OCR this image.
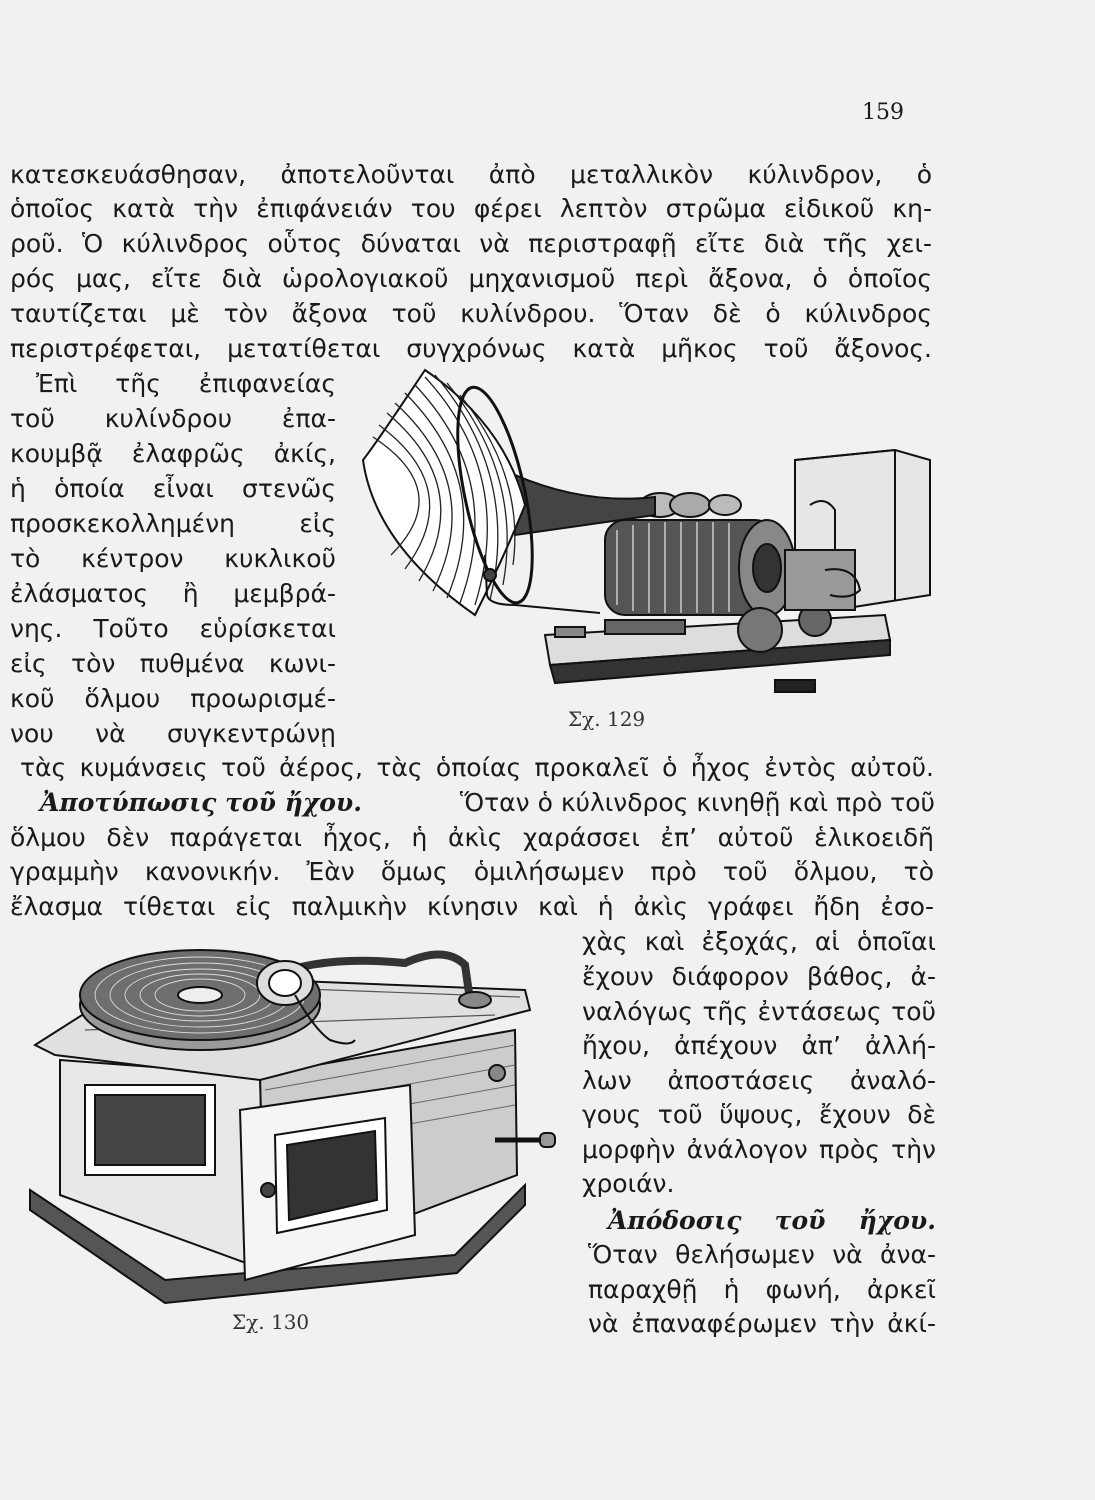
159
κατεσκευάσθησαν, ἀποτελοῦνται ἀπὸ μεταλλικὸν κύλινδρον, ὁ
ὁποῖος κατὰ τὴν ἐπιφάνειάν του φέρει λεπτὸν στρῶμα εἰδικοῦ κη-
ροῦ. Ὁ κύλινδρος οὗτος δύναται νὰ περιστραφῇ εἴτε διὰ τῆς χει-
ρός μας, εἴτε διὰ ὡρολογιακοῦ μηχανισμοῦ περὶ ἄξονα, ὁ ὁποῖος
ταυτίζεται μὲ τὸν ἄξονα τοῦ κυλίνδρου. Ὅταν δὲ ὁ κύλινδρος
περιστρέφεται, μετατίθεται συγχρόνως κατὰ μῆκος τοῦ ἄξονος.
Ἐπὶ τῆς ἐπιφανείας
τοῦ κυλίνδρου ἐπα-
κουμβᾷ ἐλαφρῶς ἀκίς,
ἡ ὁποία εἶναι στενῶς
προσκεκολλημένη εἰς
τὸ κέντρον κυκλικοῦ
ἐλάσματος ἢ μεμβρά-
νης. Τοῦτο εὑρίσκεται
εἰς τὸν πυθμένα κωνι-
κοῦ ὅλμου προωρισμέ-
νου νὰ συγκεντρώνῃ	Σχ. 129
τὰς κυμάνσεις τοῦ ἀέρος, τὰς ὁποίας προκαλεῖ ὁ ἦχος ἐντὸς αὐτοῦ.
Ἀποτύπωσις τοῦ ἤχου.	Ὅταν ὁ κύλινδρος κινηθῇ καὶ πρὸ τοῦ
ὅλμου δὲν παράγεται ἦχος, ἡ ἀκὶς χαράσσει ἐπ’ αὐτοῦ ἑλικοειδῆ
γραμμὴν κανονικήν. Ἐὰν ὅμως ὁμιλήσωμεν πρὸ τοῦ ὅλμου, τὸ
ἔλασμα τίθεται εἰς παλμικὴν κίνησιν καὶ ἡ ἀκὶς γράφει ἤδη ἐσο-
Σχ. 130
χὰς καὶ ἐξοχάς, αἱ ὁποῖαι
ἔχουν διάφορον βάθος, ἀ-
ναλόγως τῆς ἐντάσεως τοῦ
ἤχου, ἀπέχουν ἀπ’ ἀλλή-
λων ἀποστάσεις ἀναλό-
γους τοῦ ὕψους, ἔχουν δὲ
μορφὴν ἀνάλογον πρὸς τὴν
χροιάν.
Ἀπόδοσις τοῦ ἤχου.
Ὅταν θελήσωμεν νὰ ἀνα-
παραχθῇ ἡ φωνή, ἀρκεῖ
νὰ ἐπαναφέρωμεν τὴν ἀκί-
